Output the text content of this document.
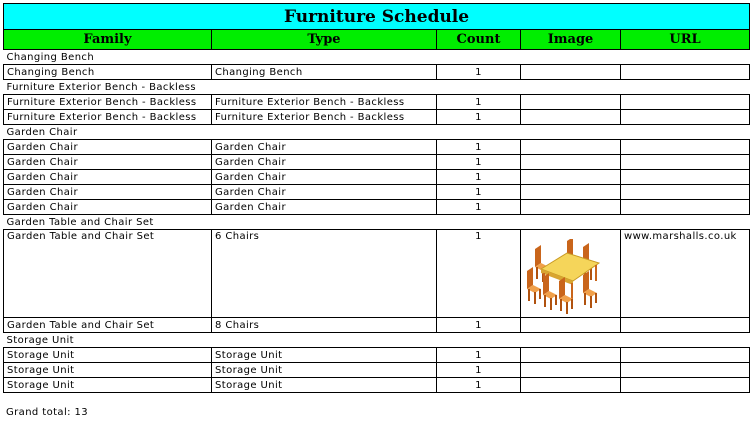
Furniture Schedule				
Family	Type	Count	Image	URL
Changing Bench				
Changing Bench	Changing Bench	1		
Furniture Exterior Bench - Backless				
Furniture Exterior Bench - Backless	Furniture Exterior Bench - Backless	1		
Furniture Exterior Bench - Backless	Furniture Exterior Bench - Backless	1		
Garden Chair				
Garden Chair	Garden Chair	1		
Garden Chair	Garden Chair	1		
Garden Chair	Garden Chair	1		
Garden Chair	Garden Chair	1		
Garden Chair	Garden Chair	1		
Garden Table and Chair Set				
Garden Table and Chair Set	6 Chairs	1		www.marshalls.co.uk
Garden Table and Chair Set	8 Chairs	1		
Storage Unit				
Storage Unit	Storage Unit	1		
Storage Unit	Storage Unit	1		
Storage Unit	Storage Unit	1		
Grand total: 13
